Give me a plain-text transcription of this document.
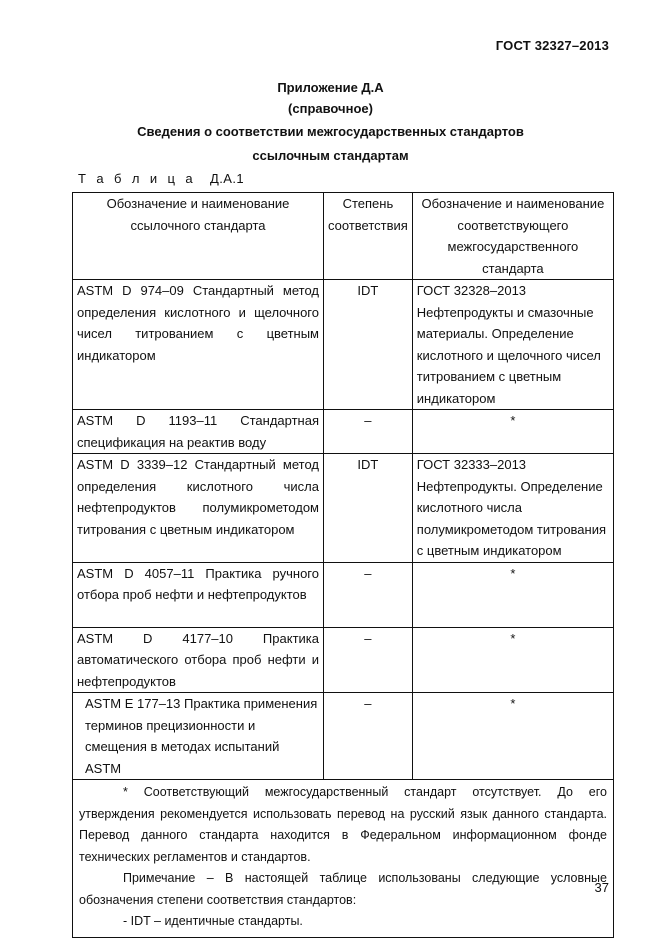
ГОСТ 32327–2013
Приложение Д.А
(справочное)
Сведения о соответствии межгосударственных стандартов
ссылочным стандартам
Т а б л и ц а Д.А.1
Обозначение и наименование ссылочного стандарта	Степень соответствия	Обозначение и наименование соответствующего межгосударственного стандарта
ASTM D 974–09 Стандартный метод определения кислотного и щелочного чисел титрованием с цветным индикатором	IDT	ГОСТ 32328–2013 Нефтепродукты и смазочные материалы. Определение кислотного и щелочного чисел титрованием с цветным индикатором
ASTM D 1193–11 Стандартная спецификация на реактив воду	–	*
ASTM D 3339–12 Стандартный метод определения кислотного числа нефтепродуктов полумикрометодом титрования с цветным индикатором	IDT	ГОСТ 32333–2013 Нефтепродукты. Определение кислотного числа полумикрометодом титрования с цветным индикатором
ASTM D 4057–11 Практика ручного отбора проб нефти и нефтепродуктов	–	*
ASTM D 4177–10 Практика автоматического отбора проб нефти и нефтепродуктов	–	*
ASTM E 177–13 Практика применения терминов прецизионности и смещения в методах испытаний ASTM	–	*

* Соответствующий межгосударственный стандарт отсутствует. До его утверждения рекомендуется использовать перевод на русский язык данного стандарта. Перевод данного стандарта находится в Федеральном информационном фонде технических регламентов и стандартов.

Примечание – В настоящей таблице использованы следующие условные обозначения степени соответствия стандартов:

- IDT – идентичные стандарты.		

37
